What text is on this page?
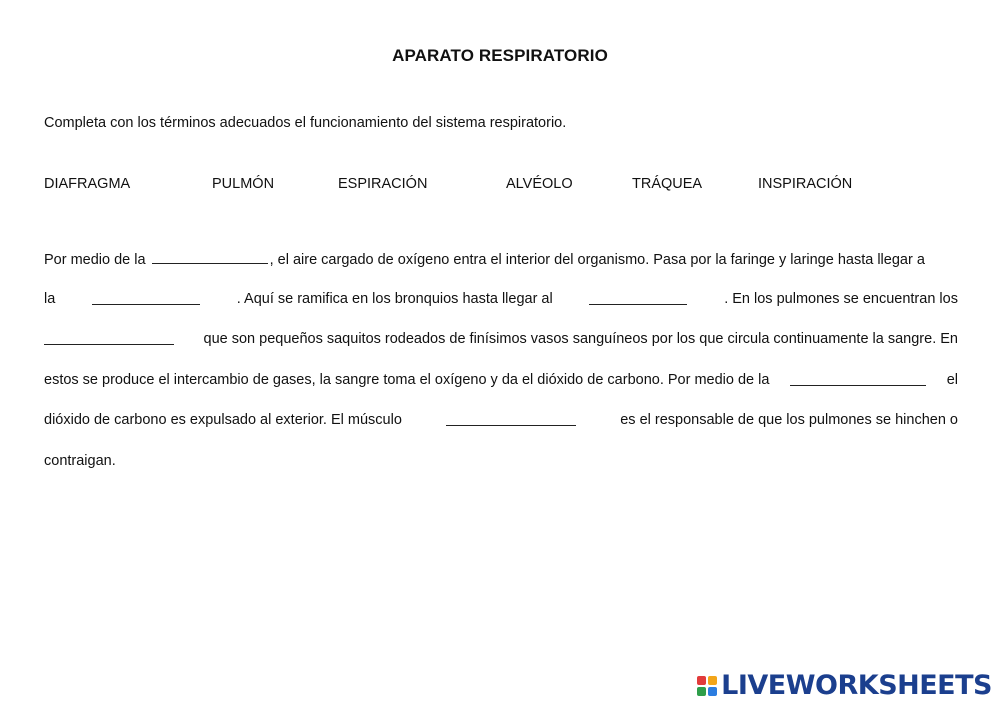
APARATO RESPIRATORIO
Completa con los términos adecuados el funcionamiento del sistema respiratorio.
DIAFRAGMA	PULMÓN	ESPIRACIÓN	ALVÉOLO	TRÁQUEA	INSPIRACIÓN
Por medio de la	, el aire cargado de oxígeno entra el interior del organismo. Pasa por la faringe y laringe hasta llegar a
la	. Aquí se ramifica en los bronquios hasta llegar al	. En los pulmones se encuentran los
que son pequeños saquitos rodeados de finísimos vasos sanguíneos por los que circula continuamente la sangre. En
estos se produce el intercambio de gases, la sangre toma el oxígeno y da el dióxido de carbono. Por medio de la	el
dióxido de carbono es expulsado al exterior. El músculo	es el responsable de que los pulmones se hinchen o
contraigan.
LIVEWORKSHEETS
